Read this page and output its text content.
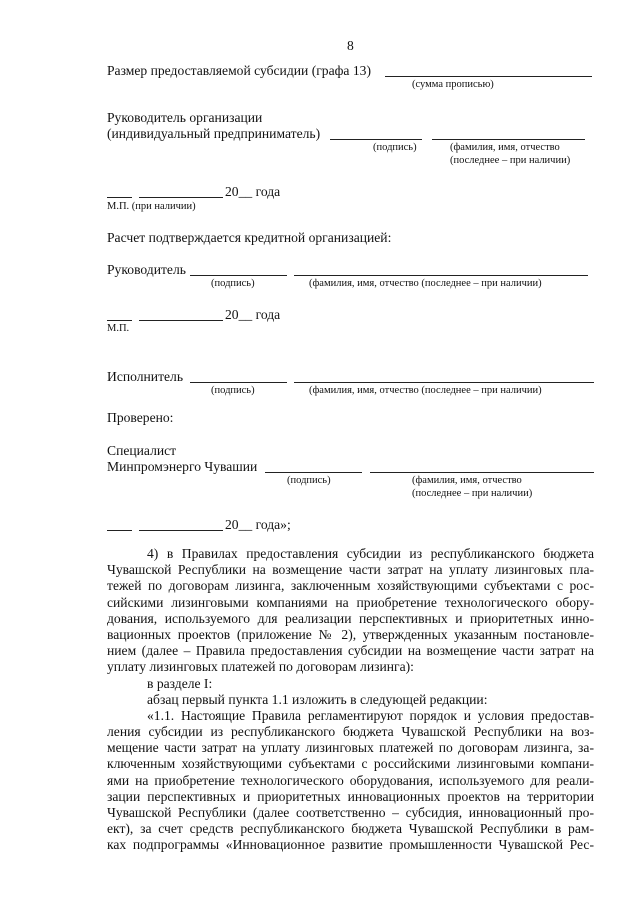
8
Размер предоставляемой субсидии (графа 13)
(сумма прописью)
Руководитель организации
(индивидуальный предприниматель)
(подпись)	(фамилия, имя, отчество
(последнее – при наличии)
20__ года
М.П. (при наличии)
Расчет подтверждается кредитной организацией:
Руководитель
(подпись)	(фамилия, имя, отчество (последнее – при наличии)
20__ года
М.П.
Исполнитель
(подпись)	(фамилия, имя, отчество (последнее – при наличии)
Проверено:
Специалист
Минпромэнерго Чувашии
(подпись)	(фамилия, имя, отчество
(последнее – при наличии)
20__ года»;
4) в Правилах предоставления субсидии из республиканского бюджета
Чувашской Республики на возмещение части затрат на уплату лизинговых пла-
тежей по договорам лизинга, заключенным хозяйствующими субъектами с рос-
сийскими лизинговыми компаниями на приобретение технологического обору-
дования, используемого для реализации перспективных и приоритетных инно-
вационных проектов (приложение № 2), утвержденных указанным постановле-
нием (далее – Правила предоставления субсидии на возмещение части затрат на
уплату лизинговых платежей по договорам лизинга):
в разделе I:
абзац первый пункта 1.1 изложить в следующей редакции:
«1.1. Настоящие Правила регламентируют порядок и условия предостав-
ления субсидии из республиканского бюджета Чувашской Республики на воз-
мещение части затрат на уплату лизинговых платежей по договорам лизинга, за-
ключенным хозяйствующими субъектами с российскими лизинговыми компани-
ями на приобретение технологического оборудования, используемого для реали-
зации перспективных и приоритетных инновационных проектов на территории
Чувашской Республики (далее соответственно – субсидия, инновационный про-
ект), за счет средств республиканского бюджета Чувашской Республики в рам-
ках подпрограммы «Инновационное развитие промышленности Чувашской Рес-
